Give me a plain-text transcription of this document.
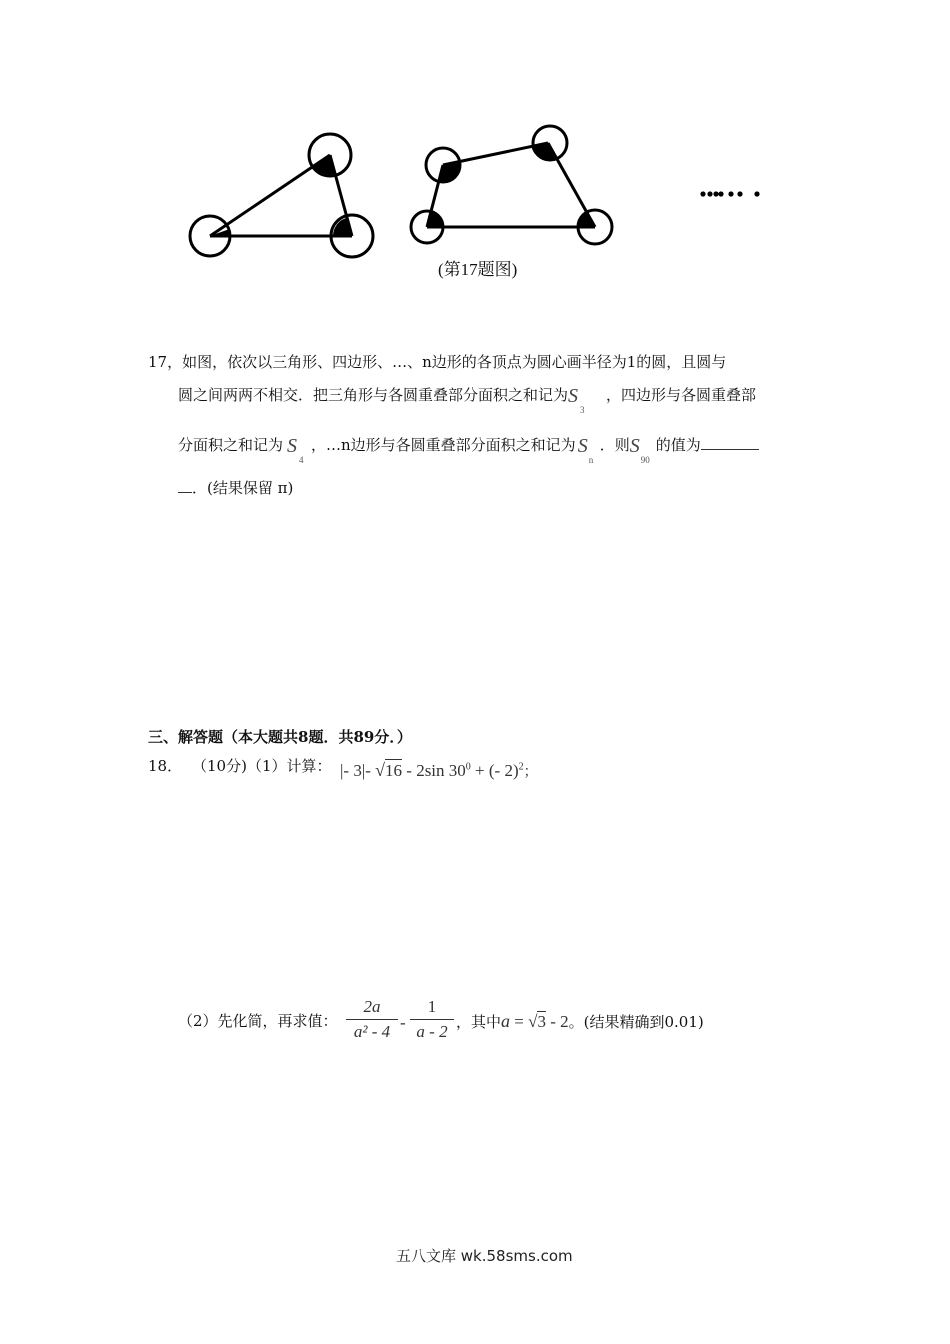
(第17题图)
17，如图，依次以三角形、四边形、…、n边形的各顶点为圆心画半径为1的圆，且圆与
圆之间两两不相交．把三角形与各圆重叠部分面积之和记为 S
3
，四边形与各圆重叠部
分面积之和记为 S
4
，…n边形与各圆重叠部分面积之和记为 S
n
．则 S
90
的值为
．(结果保留 π)
三、解答题（本大题共8题．共89分．）
18． （10分)（1）计算： |- 3|- √16 - 2sin $30^0$ + (- 2)$^2$；
（2）先化简，再求值：
2a
a² - 4 -
1
a - 2 ，其中a = √3 - 2。(结果精确到0.01)
五八文库 wk.58sms.com
